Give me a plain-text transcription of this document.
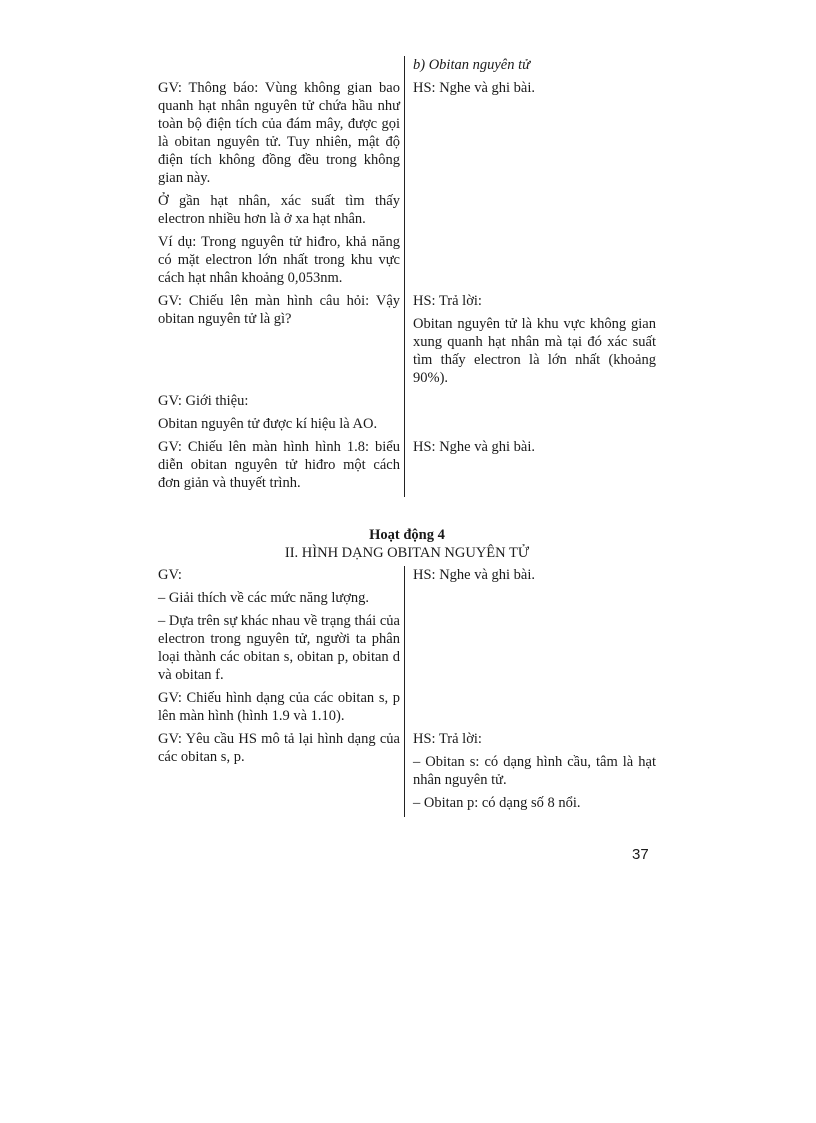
b) Obitan nguyên tử

GV: Thông báo: Vùng không gian bao quanh hạt nhân nguyên tử chứa hầu như toàn bộ điện tích của đám mây, được gọi là obitan nguyên tử. Tuy nhiên, mật độ điện tích không đồng đều trong không gian này.

Ở gần hạt nhân, xác suất tìm thấy electron nhiều hơn là ở xa hạt nhân.

Ví dụ: Trong nguyên tử hiđro, khả năng có mặt electron lớn nhất trong khu vực cách hạt nhân khoảng 0,053nm.

HS: Nghe và ghi bài.

GV: Chiếu lên màn hình câu hỏi: Vậy obitan nguyên tử là gì?

HS: Trả lời:

Obitan nguyên tử là khu vực không gian xung quanh hạt nhân mà tại đó xác suất tìm thấy electron là lớn nhất (khoảng 90%).

GV: Giới thiệu:

Obitan nguyên tử được kí hiệu là AO.

GV: Chiếu lên màn hình hình 1.8: biểu diễn obitan nguyên tử hiđro một cách đơn giản và thuyết trình.

HS: Nghe và ghi bài.

Hoạt động 4
II. HÌNH DẠNG OBITAN NGUYÊN TỬ

GV:

– Giải thích về các mức năng lượng.

– Dựa trên sự khác nhau về trạng thái của electron trong nguyên tử, người ta phân loại thành các obitan s, obitan p, obitan d và obitan f.

GV: Chiếu hình dạng của các obitan s, p lên màn hình (hình 1.9 và 1.10).

HS: Nghe và ghi bài.

GV: Yêu cầu HS mô tả lại hình dạng của các obitan s, p.

HS: Trả lời:

– Obitan s: có dạng hình cầu, tâm là hạt nhân nguyên tử.

– Obitan p: có dạng số 8 nổi.

37
